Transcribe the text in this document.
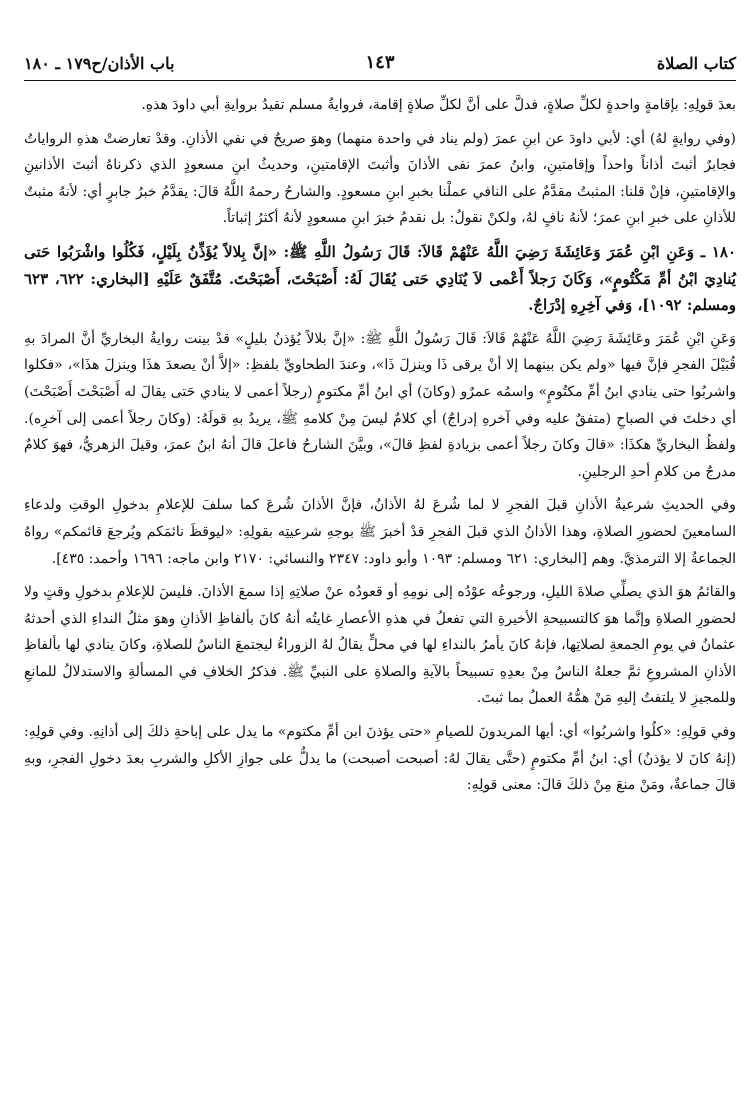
كتاب الصلاة
١٤٣
باب الأذان/ح١٧٩ ـ ١٨٠

بعدَ قولِهِ: بإقامةٍ واحدةٍ لكلِّ صلاةٍ، فدلَّ على أنَّ لكلِّ صلاةٍ إقامة، فروايةُ مسلم تقيدُ بروايةِ أبي داودَ هذهِ.

(وفي روايةٍ لهُ) أي: لأبي داودَ عن ابنِ عمرَ (ولم يناد في واحدة منهما) وهوَ صريحٌ في نفي الأذانِ. وقدْ تعارضتْ هذهِ الرواياتُ فجابرٌ أثبتَ أذاناً واحداً وإقامتينِ، وابنُ عمرَ نفى الأذانَ وأثبتَ الإقامتينِ، وحديثُ ابنِ مسعودٍ الذي ذكرناهُ أثبتَ الأذانينِ والإقامتينِ، فإنْ قلنا: المثبتُ مقدَّمٌ على النافي عملْنا بخبرِ ابنِ مسعودٍ. والشارحُ رحمهُ اللَّهُ قالَ: يقدَّمُ خبرُ جابرٍ أي: لأنهُ مثبتٌ للأذانِ على خبرِ ابنِ عمرَ؛ لأنهُ نافٍ لهُ، ولكنْ نقولُ: بل نقدمُ خبرَ ابنِ مسعودٍ لأنهُ أكثرُ إثباتاً.

١٨٠ ـ وَعَنِ ابْنِ عُمَرَ وَعَائِشَةَ رَضِيَ اللَّهُ عَنْهُمْ قَالاَ: قَالَ رَسُولُ اللَّهِ ﷺ: «إنَّ بِلالاً يُؤَذِّنُ بِلَيْلٍ، فَكُلُوا واشْرَبُوا حَتى يُنادِيَ ابْنُ أمِّ مَكْتُومٍ»، وَكَانَ رَجلاً أَعْمى لاَ يُنَادِي حَتى يُقَالَ لَهُ: أَصْبَحْتَ، أَصْبَحْتَ. مُتَّفَقٌ عَلَيْهِ [البخاري: ٦٢٢، ٦٢٣ ومسلم: ١٠٩٢]، وَفي آخِرِهِ إدْرَاجٌ.

وَعَنِ ابْنِ عُمَرَ وعَائِشَةَ رَضِيَ اللَّهُ عَنْهُمْ قَالاَ: قَالَ رَسُولُ اللَّهِ ﷺ: «إنَّ بلالاً يُؤذنُ بليلٍ» قدْ بينت روايةُ البخاريِّ أنَّ المرادَ بهِ قُبَيْلَ الفجرِ فإنَّ فيها «ولم يكن بينهما إلا أنْ يرقى ذَا وينزلَ ذَا»، وعندَ الطحاويِّ بلفظِ: «إلاَّ أنْ يصعدَ هذَا وينزلَ هذَا»، «فكلوا واشربُوا حتى ينادي ابنُ أمِّ مكتُومٍ» واسمُه عمرٌو (وكانَ) أي ابنُ أمِّ مكتومٍ (رجلاً أعمى لا ينادي حَتى يقالَ له أَصْبَحْتَ أَصْبَحْتَ) أي دخلتَ في الصباحِ (متفقٌ عليه وفي آخرهِ إدراجٌ) أي كلامٌ ليسَ مِنْ كلامهِ ﷺ، يريدُ بهِ قولَهُ: (وكانَ رجلاً أعمى إلى آخرِه). ولفظُ البخاريِّ هكذَا: «قالَ وكانَ رجلاً أعمى بزيادةِ لفظِ قالَ»، وبيَّنَ الشارحُ فاعلَ قالَ أنهُ ابنُ عمرَ، وقيلَ الزهريُّ، فهوَ كلامٌ مدرجٌ من كلامِ أحدِ الرجلينِ.

وفي الحديثِ شرعيةُ الأذانِ قبلَ الفجرِ لا لما شُرعَ لهُ الأذانُ، فإنَّ الأذانَ شُرعَ كما سلفَ للإعلامِ بدخولِ الوقتِ ولدعاءِ السامعينَ لحضورِ الصلاةِ، وهذا الأذانُ الذي قبلَ الفجرِ قدْ أخبرَ ﷺ بوجهِ شرعيتِه بقولِهِ: «ليوقظَ نائمَكم ويُرجعَ قائمكم» رواهُ الجماعةُ إلا الترمذيَّ. وهم [البخاري: ٦٢١ ومسلم: ١٠٩٣ وأبو داود: ٢٣٤٧ والنسائي: ٢١٧٠ وابن ماجه: ١٦٩٦ وأحمد: ٤٣٥].

والقائمُ هوَ الذي يصلِّي صلاةَ الليلِ، ورجوعُه عوْدُه إلى نومِهِ أو قعودُه عنْ صلاتِهِ إذا سمعَ الأذانَ. فليسَ للإعلامِ بدخولِ وقتٍ ولا لحضورِ الصلاةِ وإنَّما هوَ كالتسبيحةِ الأخيرةِ التي تفعلُ في هذهِ الأعصارِ غايتُه أنهُ كانَ بألفاظِ الأذانِ وهوَ مثلُ النداءِ الذي أحدثهُ عثمانُ في يومِ الجمعةِ لصلاتِها، فإنهُ كانَ يأمرُ بالنداءِ لها في محلٍّ يقالُ لهُ الزوراءُ ليجتمعَ الناسُ للصلاةِ، وكانَ ينادي لها بألفاظِ الأذانِ المشروعِ ثمَّ جعلهُ الناسُ مِنْ بعدِهِ تسبيحاً بالآيةِ والصلاةِ على النبيِّ ﷺ. فذكرُ الخلافِ في المسألةِ والاستدلالُ للمانعِ وللمجيزِ لا يلتفتُ إليهِ مَنْ همُّهُ العملُ بما ثبتَ.

وفي قولِهِ: «كلُوا واشربُوا» أي: أيها المريدونَ للصيامِ «حتى يؤذنَ ابن أمِّ مكتوم» ما يدل على إباحةِ ذلكَ إلى أذانِهِ. وفي قولِهِ: (إنهُ كانَ لا يؤذنُ) أي: ابنُ أمِّ مكتومٍ (حتَّى يقالَ لهُ: أصبحت أصبحت) ما يدلُّ على جوازِ الأكلِ والشربِ بعدَ دخولِ الفجرِ، وبهِ قالَ جماعةٌ، ومَنْ منعَ مِنْ ذلكَ قالَ: معنى قولِهِ:
